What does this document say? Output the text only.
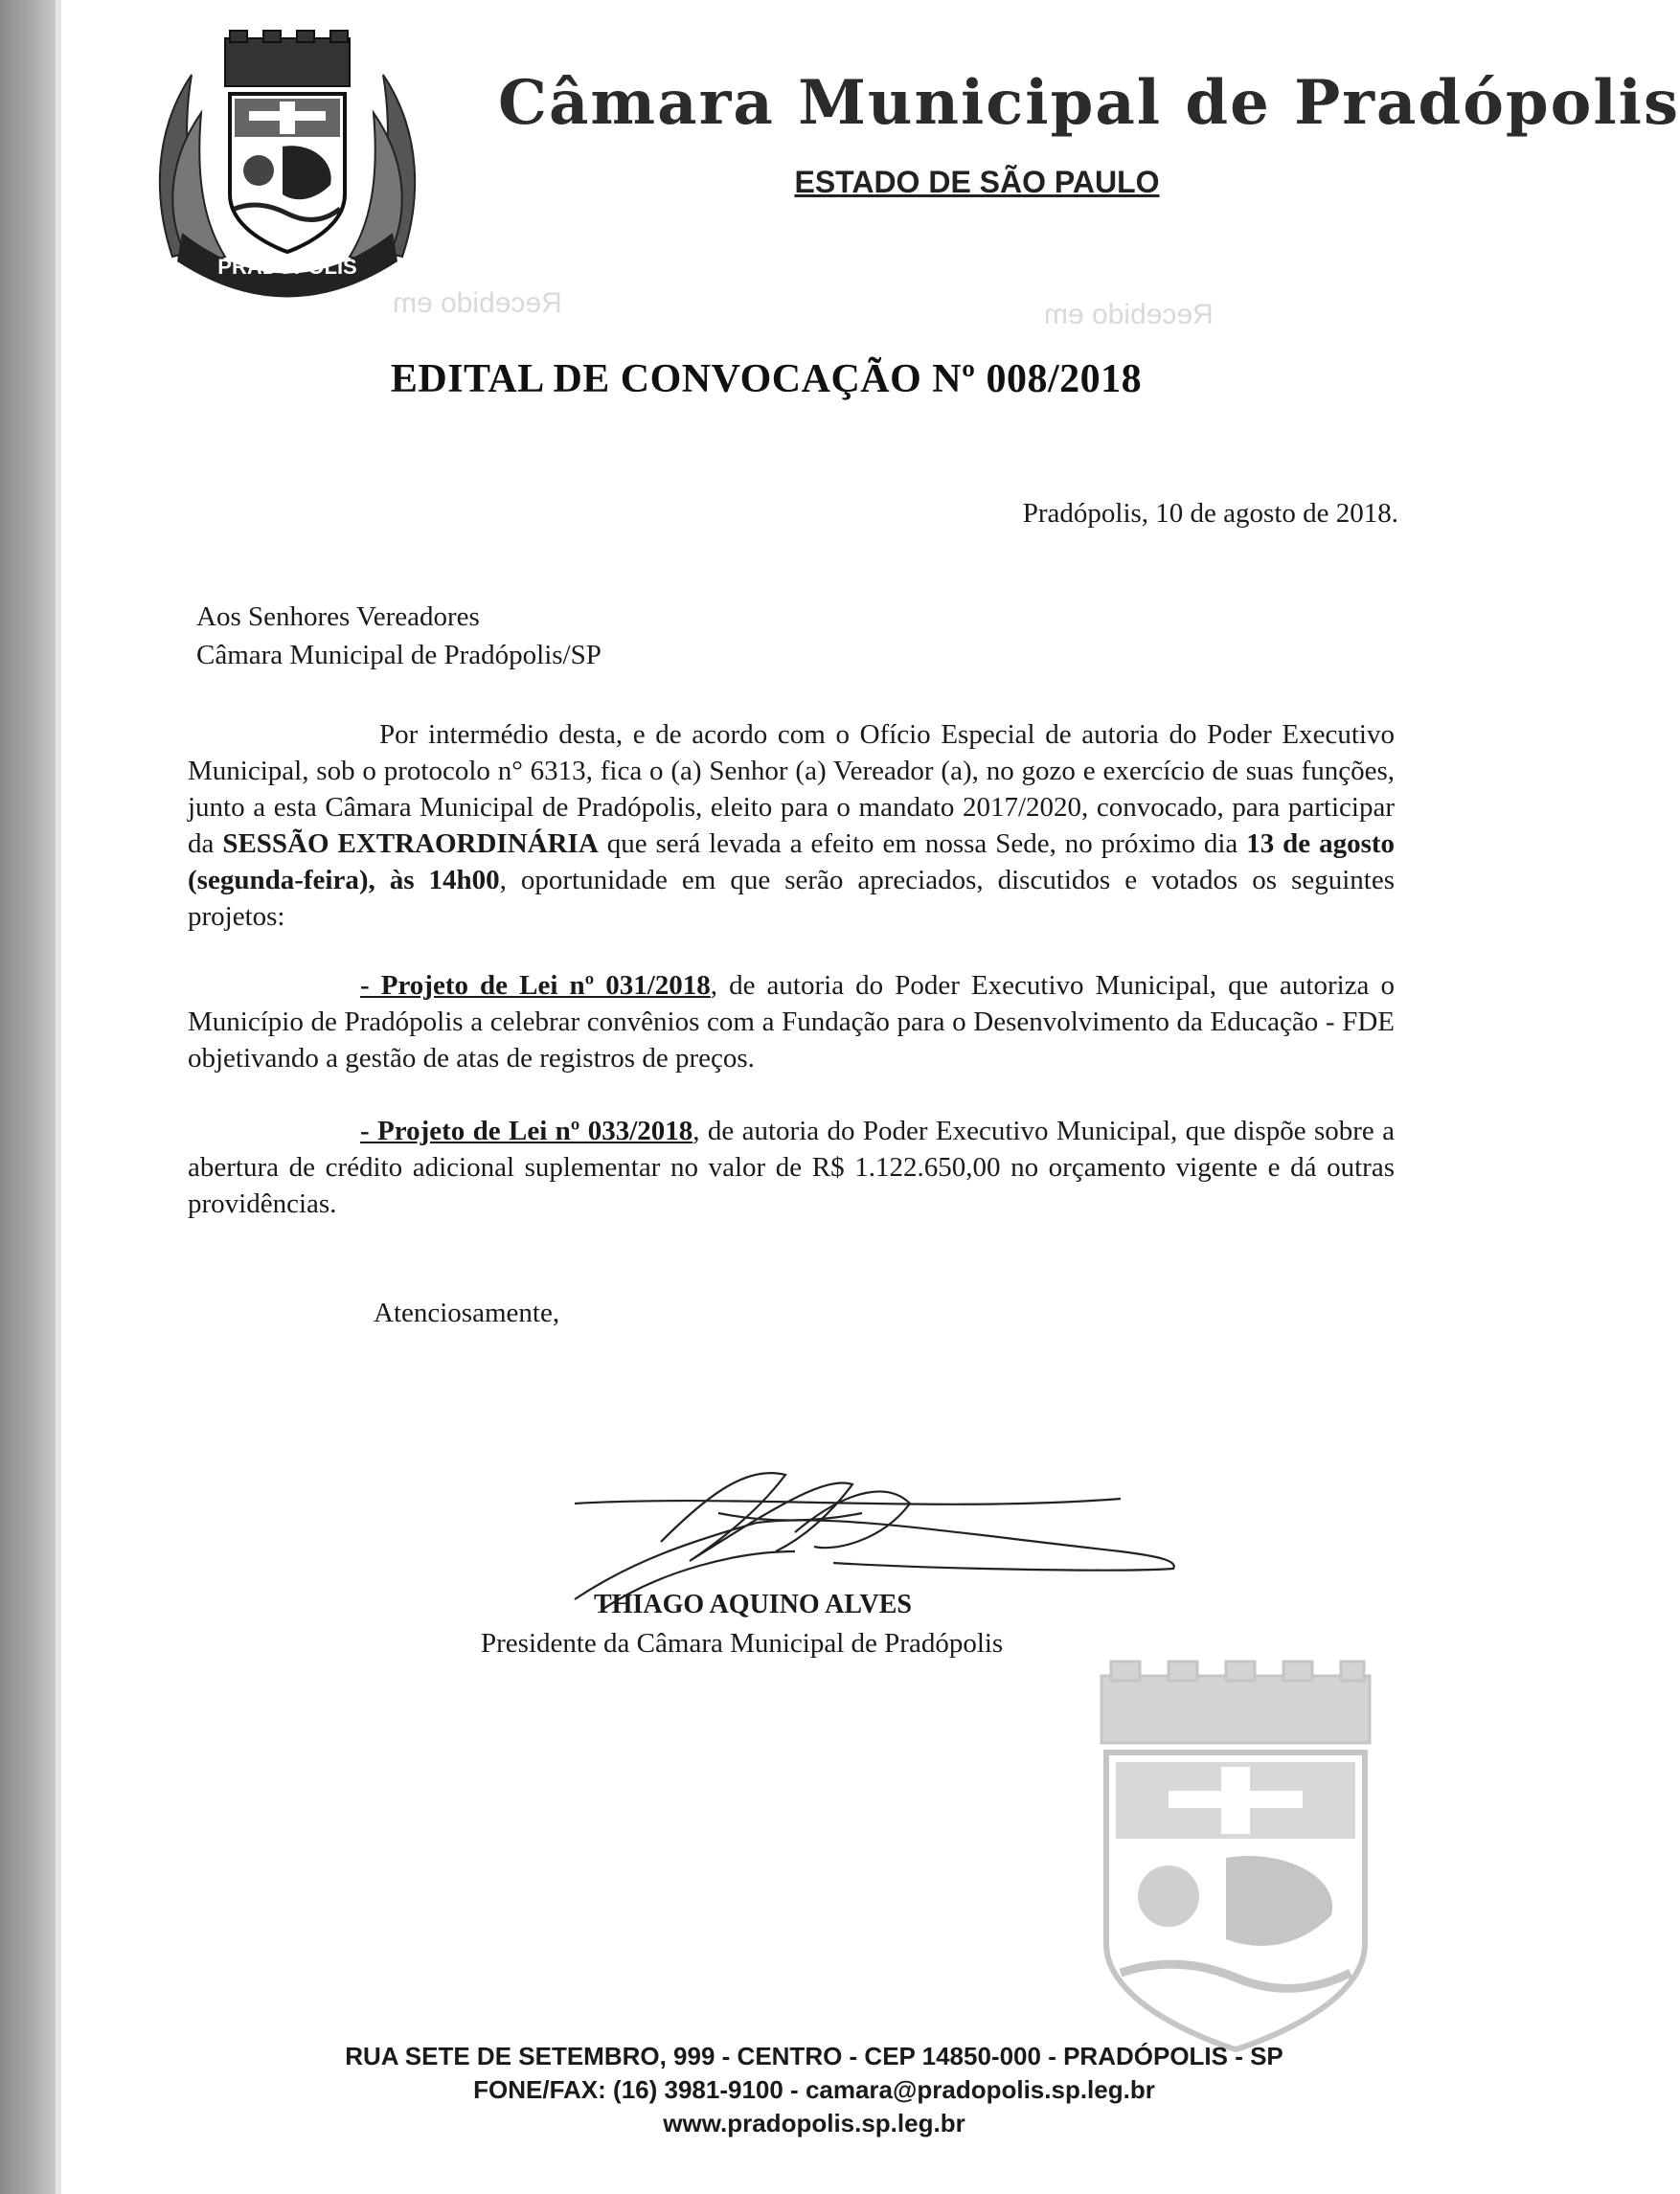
PRADÓPOLIS
Câmara Municipal de Pradópolis
ESTADO DE SÃO PAULO
Recebido em
Recebido em
EDITAL DE CONVOCAÇÃO Nº 008/2018
Pradópolis, 10 de agosto de 2018.
Aos Senhores Vereadores
Câmara Municipal de Pradópolis/SP
Por intermédio desta, e de acordo com o Ofício Especial de autoria do Poder Executivo Municipal, sob o protocolo n° 6313, fica o (a) Senhor (a) Vereador (a), no gozo e exercício de suas funções, junto a esta Câmara Municipal de Pradópolis, eleito para o mandato 2017/2020, convocado, para participar da SESSÃO EXTRAORDINÁRIA que será levada a efeito em nossa Sede, no próximo dia 13 de agosto (segunda-feira), às 14h00, oportunidade em que serão apreciados, discutidos e votados os seguintes projetos:
- Projeto de Lei nº 031/2018, de autoria do Poder Executivo Municipal, que autoriza o Município de Pradópolis a celebrar convênios com a Fundação para o Desenvolvimento da Educação - FDE objetivando a gestão de atas de registros de preços.
- Projeto de Lei nº 033/2018, de autoria do Poder Executivo Municipal, que dispõe sobre a abertura de crédito adicional suplementar no valor de R$ 1.122.650,00 no orçamento vigente e dá outras providências.
Atenciosamente,
THIAGO AQUINO ALVES
Presidente da Câmara Municipal de Pradópolis
RUA SETE DE SETEMBRO, 999 - CENTRO - CEP 14850-000 - PRADÓPOLIS - SP
FONE/FAX: (16) 3981-9100 - camara@pradopolis.sp.leg.br
www.pradopolis.sp.leg.br
